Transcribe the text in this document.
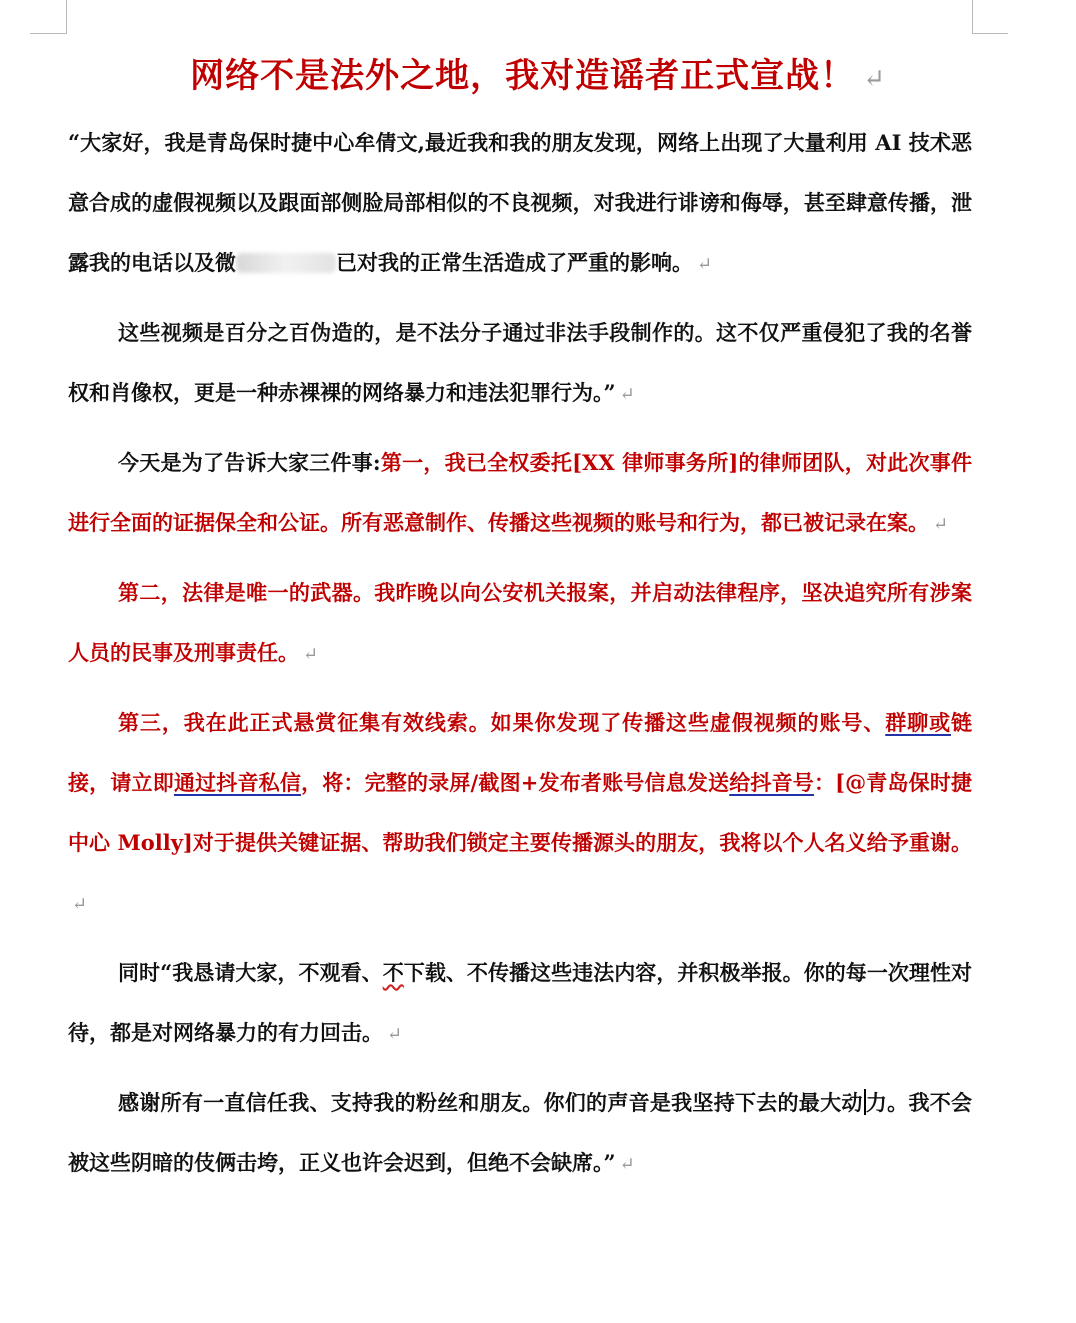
网络不是法外之地，我对造谣者正式宣战！ ↵

“大家好，我是青岛保时捷中心牟倩文,最近我和我的朋友发现，网络上出现了大量利用 AI 技术恶意合成的虚假视频以及跟面部侧脸局部相似的不良视频，对我进行诽谤和侮辱，甚至肆意传播，泄露我的电话以及微	已对我的正常生活造成了严重的影响。 ↵

这些视频是百分之百伪造的，是不法分子通过非法手段制作的。这不仅严重侵犯了我的名誉权和肖像权，更是一种赤裸裸的网络暴力和违法犯罪行为。” ↵

今天是为了告诉大家三件事:第一，我已全权委托[XX 律师事务所]的律师团队，对此次事件进行全面的证据保全和公证。所有恶意制作、传播这些视频的账号和行为，都已被记录在案。 ↵

第二，法律是唯一的武器。我昨晚以向公安机关报案，并启动法律程序，坚决追究所有涉案人员的民事及刑事责任。 ↵

第三，我在此正式悬赏征集有效线索。如果你发现了传播这些虚假视频的账号、群聊或链接，请立即通过抖音私信，将：完整的录屏/截图+发布者账号信息发送给抖音号：[@青岛保时捷中心 Molly]对于提供关键证据、帮助我们锁定主要传播源头的朋友，我将以个人名义给予重谢。↵

同时“我恳请大家，不观看、不下载、不传播这些违法内容，并积极举报。你的每一次理性对待，都是对网络暴力的有力回击。 ↵

感谢所有一直信任我、支持我的粉丝和朋友。你们的声音是我坚持下去的最大动 力。我不会被这些阴暗的伎俩击垮，正义也许会迟到，但绝不会缺席。” ↵
